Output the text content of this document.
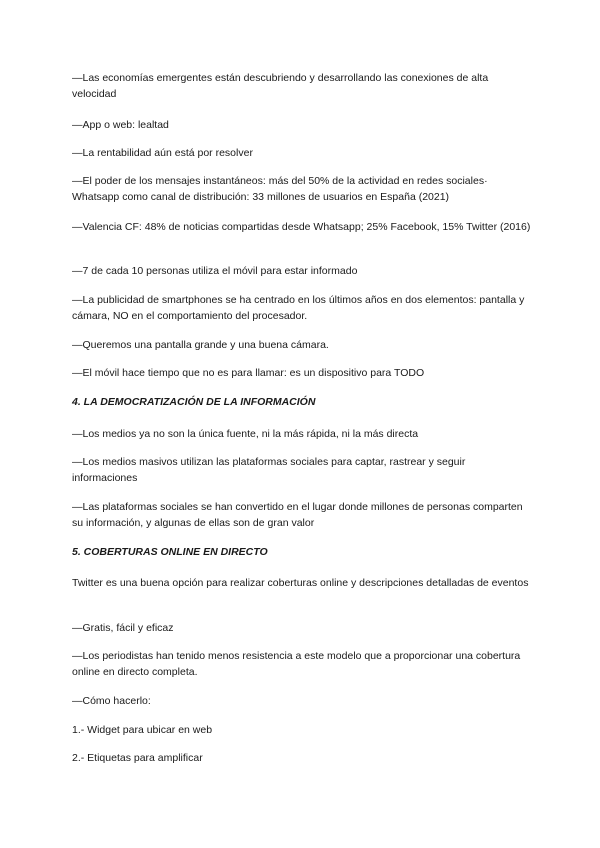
—Las economías emergentes están descubriendo y desarrollando las conexiones de alta velocidad

—App o web: lealtad

—La rentabilidad aún está por resolver

—El poder de los mensajes instantáneos: más del 50% de la actividad en redes sociales· Whatsapp como canal de distribución: 33 millones de usuarios en España (2021)

—Valencia CF: 48% de noticias compartidas desde Whatsapp; 25% Facebook, 15% Twitter (2016)

—7 de cada 10 personas utiliza el móvil para estar informado

—La publicidad de smartphones se ha centrado en los últimos años en dos elementos: pantalla y cámara, NO en el comportamiento del procesador.

—Queremos una pantalla grande y una buena cámara.

—El móvil hace tiempo que no es para llamar: es un dispositivo para TODO

4. LA DEMOCRATIZACIÓN DE LA INFORMACIÓN

—Los medios ya no son la única fuente, ni la más rápida, ni la más directa

—Los medios masivos utilizan las plataformas sociales para captar, rastrear y seguir informaciones

—Las plataformas sociales se han convertido en el lugar donde millones de personas comparten su información, y algunas de ellas son de gran valor

5. COBERTURAS ONLINE EN DIRECTO

Twitter es una buena opción para realizar coberturas online y descripciones detalladas de eventos

—Gratis, fácil y eficaz

—Los periodistas han tenido menos resistencia a este modelo que a proporcionar una cobertura online en directo completa.

—Cómo hacerlo:

1.- Widget para ubicar en web

2.- Etiquetas para amplificar
